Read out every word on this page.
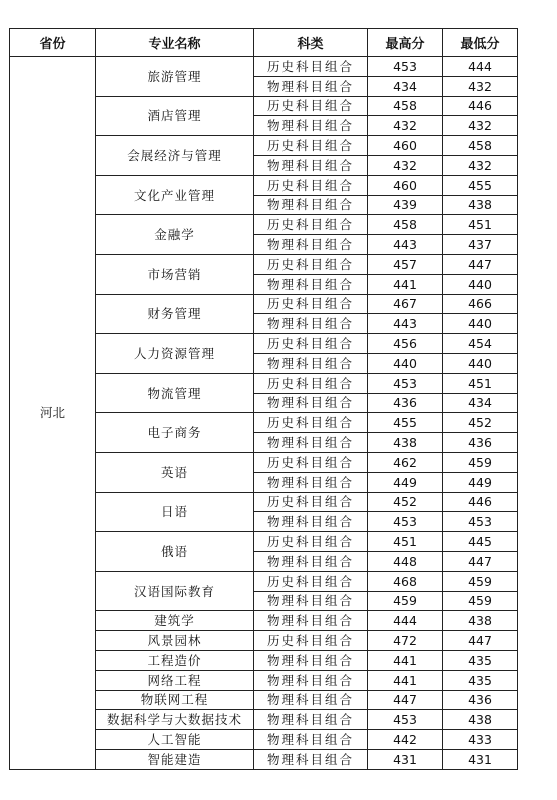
省份	专业名称	科类	最高分	最低分
河北	旅游管理	历史科目组合	453	444
		物理科目组合	434	432
	酒店管理	历史科目组合	458	446
		物理科目组合	432	432
	会展经济与管理	历史科目组合	460	458
		物理科目组合	432	432
	文化产业管理	历史科目组合	460	455
		物理科目组合	439	438
	金融学	历史科目组合	458	451
		物理科目组合	443	437
	市场营销	历史科目组合	457	447
		物理科目组合	441	440
	财务管理	历史科目组合	467	466
		物理科目组合	443	440
	人力资源管理	历史科目组合	456	454
		物理科目组合	440	440
	物流管理	历史科目组合	453	451
		物理科目组合	436	434
	电子商务	历史科目组合	455	452
		物理科目组合	438	436
	英语	历史科目组合	462	459
		物理科目组合	449	449
	日语	历史科目组合	452	446
		物理科目组合	453	453
	俄语	历史科目组合	451	445
		物理科目组合	448	447
	汉语国际教育	历史科目组合	468	459
		物理科目组合	459	459
	建筑学	物理科目组合	444	438
	风景园林	历史科目组合	472	447
	工程造价	物理科目组合	441	435
	网络工程	物理科目组合	441	435
	物联网工程	物理科目组合	447	436
	数据科学与大数据技术	物理科目组合	453	438
	人工智能	物理科目组合	442	433
	智能建造	物理科目组合	431	431
